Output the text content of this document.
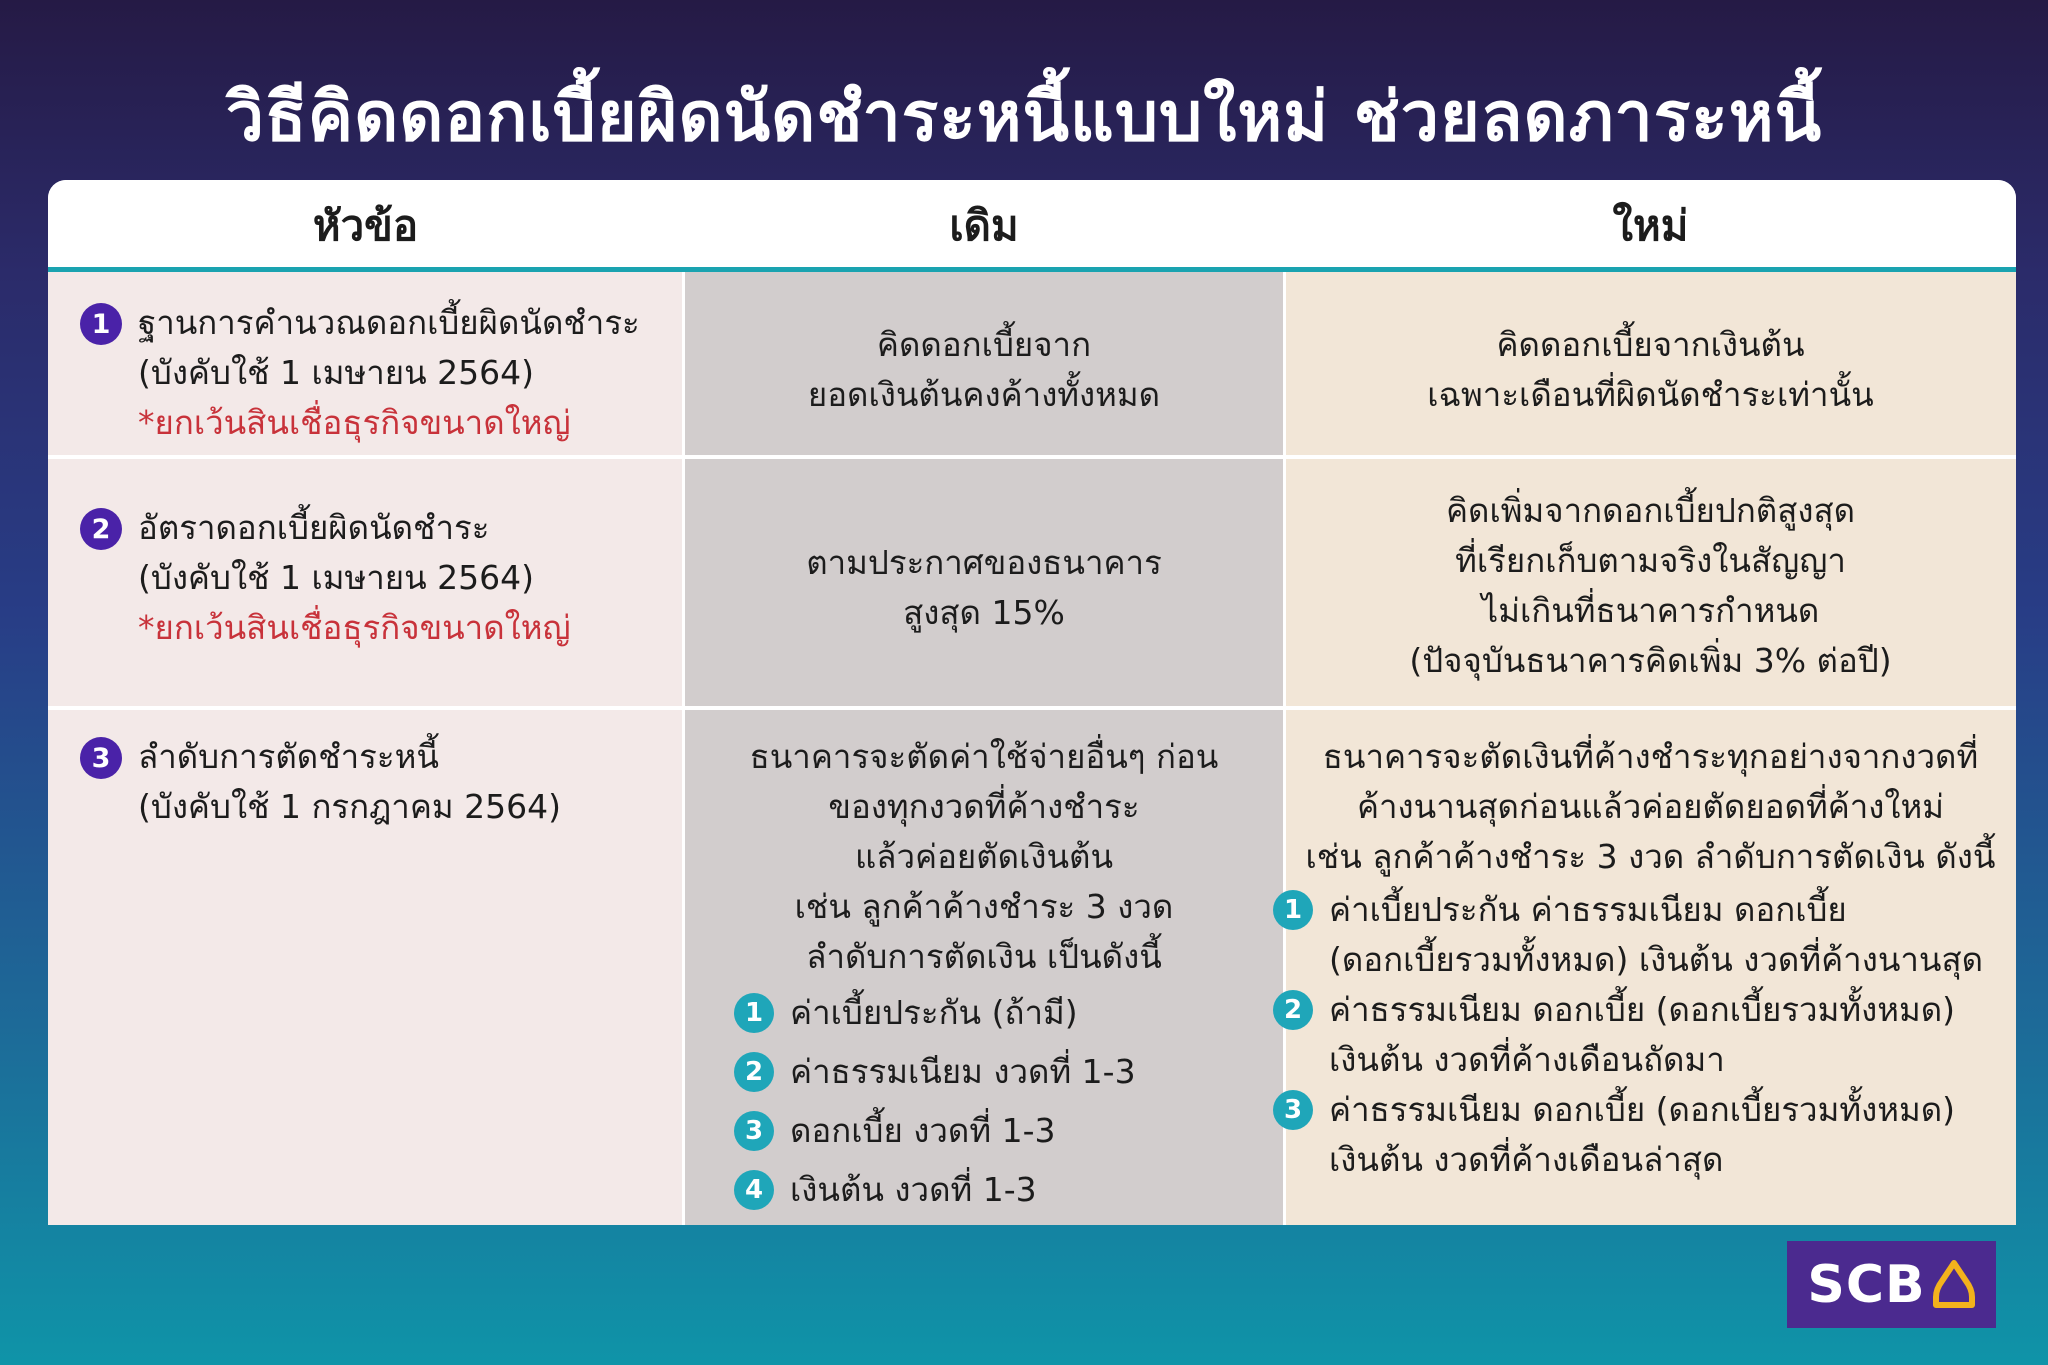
วิธีคิดดอกเบี้ยผิดนัดชำระหนี้แบบใหม่ ช่วยลดภาระหนี้
หัวข้อ	เดิม	ใหม่
1 ฐานการคำนวณดอกเบี้ยผิดนัดชำระ
(บังคับใช้ 1 เมษายน 2564)
*ยกเว้นสินเชื่อธุรกิจขนาดใหญ่
คิดดอกเบี้ยจาก
ยอดเงินต้นคงค้างทั้งหมด
คิดดอกเบี้ยจากเงินต้น
เฉพาะเดือนที่ผิดนัดชำระเท่านั้น
2 อัตราดอกเบี้ยผิดนัดชำระ
(บังคับใช้ 1 เมษายน 2564)
*ยกเว้นสินเชื่อธุรกิจขนาดใหญ่
ตามประกาศของธนาคาร
สูงสุด 15%
คิดเพิ่มจากดอกเบี้ยปกติสูงสุด
ที่เรียกเก็บตามจริงในสัญญา
ไม่เกินที่ธนาคารกำหนด
(ปัจจุบันธนาคารคิดเพิ่ม 3% ต่อปี)
3 ลำดับการตัดชำระหนี้
(บังคับใช้ 1 กรกฎาคม 2564)
ธนาคารจะตัดค่าใช้จ่ายอื่นๆ ก่อน
ของทุกงวดที่ค้างชำระ
แล้วค่อยตัดเงินต้น
เช่น ลูกค้าค้างชำระ 3 งวด
ลำดับการตัดเงิน เป็นดังนี้
1 ค่าเบี้ยประกัน (ถ้ามี)
2 ค่าธรรมเนียม งวดที่ 1-3
3 ดอกเบี้ย งวดที่ 1-3
4 เงินต้น งวดที่ 1-3
ธนาคารจะตัดเงินที่ค้างชำระทุกอย่างจากงวดที่
ค้างนานสุดก่อนแล้วค่อยตัดยอดที่ค้างใหม่
เช่น ลูกค้าค้างชำระ 3 งวด ลำดับการตัดเงิน ดังนี้
1 ค่าเบี้ยประกัน ค่าธรรมเนียม ดอกเบี้ย
(ดอกเบี้ยรวมทั้งหมด) เงินต้น งวดที่ค้างนานสุด
2 ค่าธรรมเนียม ดอกเบี้ย (ดอกเบี้ยรวมทั้งหมด)
เงินต้น งวดที่ค้างเดือนถัดมา
3 ค่าธรรมเนียม ดอกเบี้ย (ดอกเบี้ยรวมทั้งหมด)
เงินต้น งวดที่ค้างเดือนล่าสุด
SCB
